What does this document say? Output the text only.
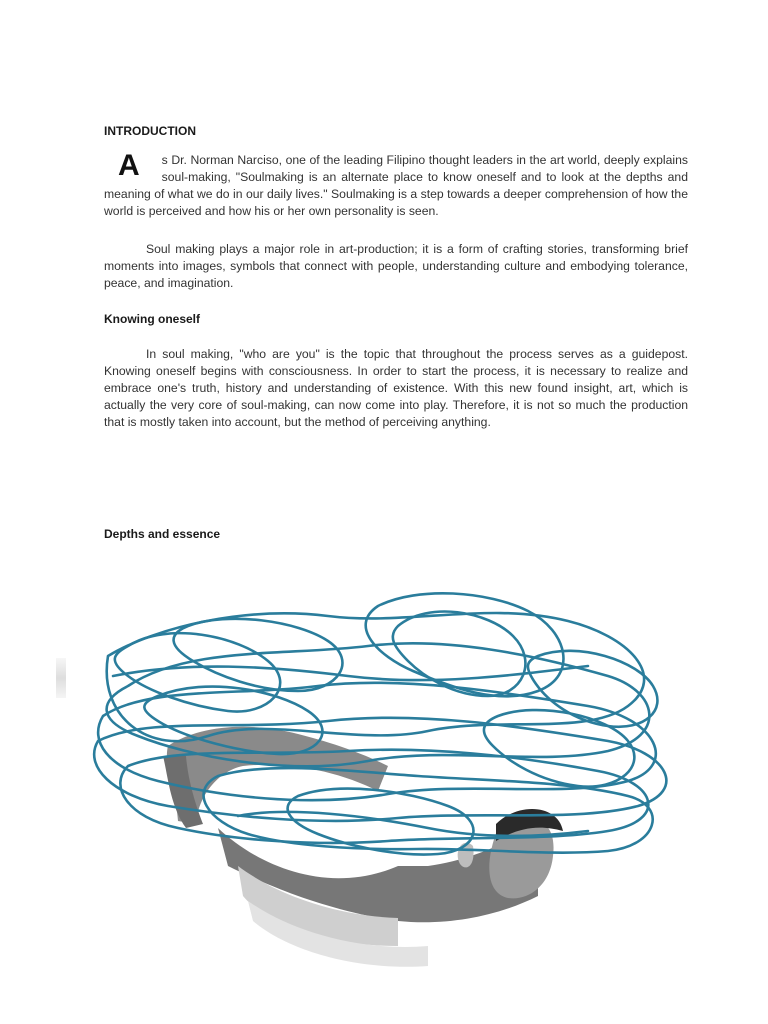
INTRODUCTION
A s Dr. Norman Narciso, one of the leading Filipino thought leaders in the art world, deeply explains soul-making, "Soulmaking is an alternate place to know oneself and to look at the depths and meaning of what we do in our daily lives." Soulmaking is a step towards a deeper comprehension of how the world is perceived and how his or her own personality is seen.

Soul making plays a major role in art-production; it is a form of crafting stories, transforming brief moments into images, symbols that connect with people, understanding culture and embodying tolerance, peace, and imagination.

Knowing oneself

In soul making, "who are you" is the topic that throughout the process serves as a guidepost. Knowing oneself begins with consciousness. In order to start the process, it is necessary to realize and embrace one's truth, history and understanding of existence. With this new found insight, art, which is actually the very core of soul-making, can now come into play. Therefore, it is not so much the production that is mostly taken into account, but the method of perceiving anything.

Depths and essence
